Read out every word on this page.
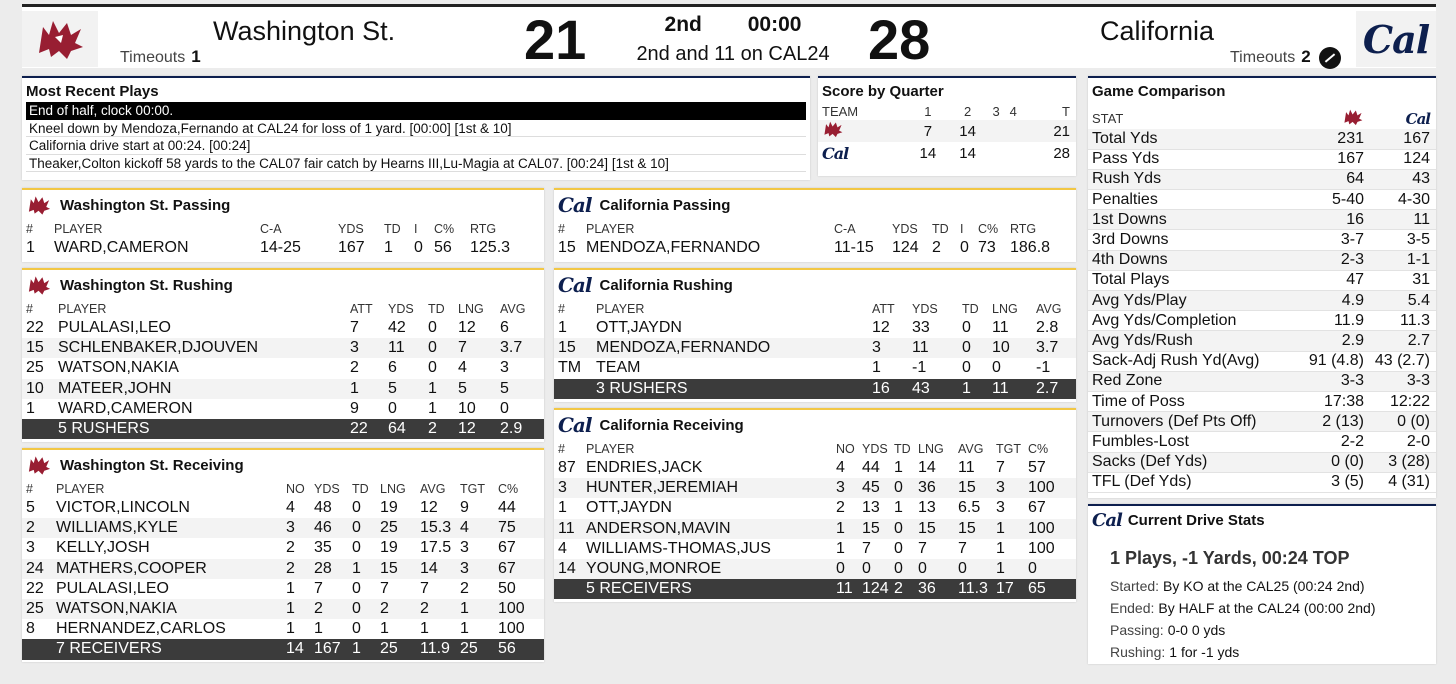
Washington St.
Timeouts 1	21	2nd 00:00
2nd and 11 on CAL24 28	California
Timeouts 2	Cal
Most Recent Plays
End of half, clock 00:00.
Kneel down by Mendoza,Fernando at CAL24 for loss of 1 yard. [00:00] [1st & 10]
California drive start at 00:24. [00:24]
Theaker,Colton kickoff 58 yards to the CAL07 fair catch by Hearns III,Lu-Magia at CAL07. [00:24] [1st & 10]
Score by Quarter
TEAM	1	2	3	4	T
	7	14			21
Cal	14	14			28
Washington St. Passing
#	PLAYER	C-A	YDS	TD	I	C%	RTG
1	WARD,CAMERON	14-25	167	1	0	56	125.3
Cal California Passing
#	PLAYER	C-A	YDS	TD	I	C%	RTG
15	MENDOZA,FERNANDO	11-15	124	2	0	73	186.8
Washington St. Rushing
#	PLAYER	ATT	YDS	TD	LNG	AVG
22	PULALASI,LEO	7	42	0	12	6
15	SCHLENBAKER,DJOUVEN	3	11	0	7	3.7
25	WATSON,NAKIA	2	6	0	4	3
10	MATEER,JOHN	1	5	1	5	5
1	WARD,CAMERON	9	0	1	10	0
	5 RUSHERS	22	64	2	12	2.9
Cal California Rushing
#	PLAYER	ATT	YDS	TD	LNG	AVG
1	OTT,JAYDN	12	33	0	11	2.8
15	MENDOZA,FERNANDO	3	11	0	10	3.7
TM	TEAM	1	-1	0	0	-1
	3 RUSHERS	16	43	1	11	2.7
Washington St. Receiving
#	PLAYER	NO	YDS	TD	LNG	AVG	TGT	C%
5	VICTOR,LINCOLN	4	48	0	19	12	9	44
2	WILLIAMS,KYLE	3	46	0	25	15.3	4	75
3	KELLY,JOSH	2	35	0	19	17.5	3	67
24	MATHERS,COOPER	2	28	1	15	14	3	67
22	PULALASI,LEO	1	7	0	7	7	2	50
25	WATSON,NAKIA	1	2	0	2	2	1	100
8	HERNANDEZ,CARLOS	1	1	0	1	1	1	100
	7 RECEIVERS	14	167	1	25	11.9	25	56
Cal California Receiving
#	PLAYER	NO	YDS	TD	LNG	AVG	TGT	C%
87	ENDRIES,JACK	4	44	1	14	11	7	57
3	HUNTER,JEREMIAH	3	45	0	36	15	3	100
1	OTT,JAYDN	2	13	1	13	6.5	3	67
11	ANDERSON,MAVIN	1	15	0	15	15	1	100
4	WILLIAMS-THOMAS,JUS	1	7	0	7	7	1	100
14	YOUNG,MONROE	0	0	0	0	0	1	0
	5 RECEIVERS	11	124	2	36	11.3	17	65
Game Comparison
STAT		Cal
Total Yds	231	167
Pass Yds	167	124
Rush Yds	64	43
Penalties	5-40	4-30
1st Downs	16	11
3rd Downs	3-7	3-5
4th Downs	2-3	1-1
Total Plays	47	31
Avg Yds/Play	4.9	5.4
Avg Yds/Completion	11.9	11.3
Avg Yds/Rush	2.9	2.7
Sack-Adj Rush Yd(Avg)	91 (4.8)	43 (2.7)
Red Zone	3-3	3-3
Time of Poss	17:38	12:22
Turnovers (Def Pts Off)	2 (13)	0 (0)
Fumbles-Lost	2-2	2-0
Sacks (Def Yds)	0 (0)	3 (28)
TFL (Def Yds)	3 (5)	4 (31)
Cal Current Drive Stats
1 Plays, -1 Yards, 00:24 TOP
Started: By KO at the CAL25 (00:24 2nd)
Ended: By HALF at the CAL24 (00:00 2nd)
Passing: 0-0 0 yds
Rushing: 1 for -1 yds
